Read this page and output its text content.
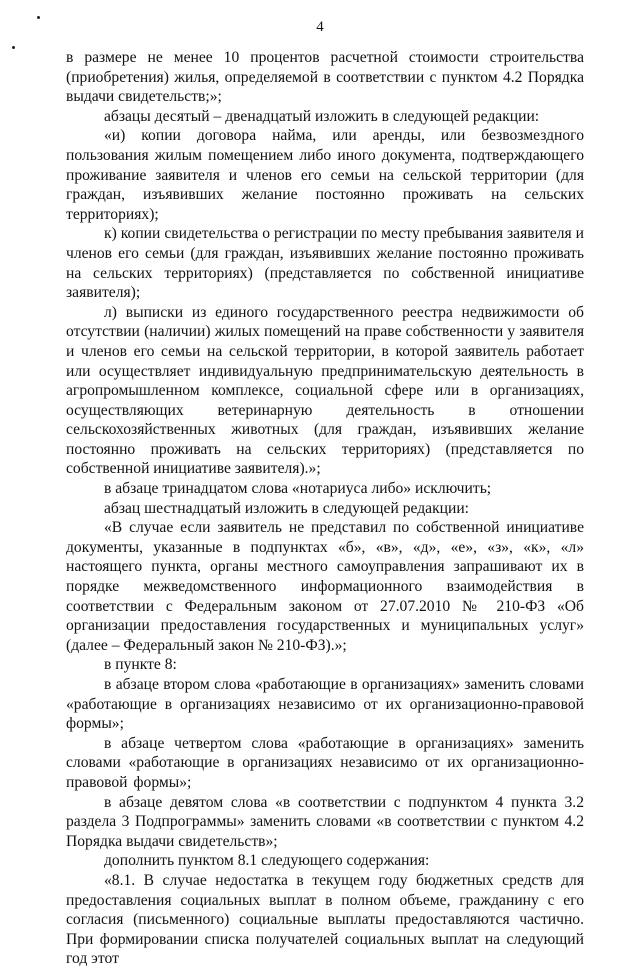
4

в размере не менее 10 процентов расчетной стоимости строительства (приобретения) жилья, определяемой в соответствии с пунктом 4.2 Порядка выдачи свидетельств;»;

абзацы десятый – двенадцатый изложить в следующей редакции:

«и) копии договора найма, или аренды, или безвозмездного пользования жилым помещением либо иного документа, подтверждающего проживание заявителя и членов его семьи на сельской территории (для граждан, изъявивших желание постоянно проживать на сельских территориях);

к) копии свидетельства о регистрации по месту пребывания заявителя и членов его семьи (для граждан, изъявивших желание постоянно проживать на сельских территориях) (представляется по собственной инициативе заявителя);

л) выписки из единого государственного реестра недвижимости об отсутствии (наличии) жилых помещений на праве собственности у заявителя и членов его семьи на сельской территории, в которой заявитель работает или осуществляет индивидуальную предпринимательскую деятельность в агропромышленном комплексе, социальной сфере или в организациях, осуществляющих ветеринарную деятельность в отношении сельскохозяйственных животных (для граждан, изъявивших желание постоянно проживать на сельских территориях) (представляется по собственной инициативе заявителя).»;

в абзаце тринадцатом слова «нотариуса либо» исключить;

абзац шестнадцатый изложить в следующей редакции:

«В случае если заявитель не представил по собственной инициативе документы, указанные в подпунктах «б», «в», «д», «е», «з», «к», «л» настоящего пункта, органы местного самоуправления запрашивают их в порядке межведомственного информационного взаимодействия в соответствии с Федеральным законом от 27.07.2010 № 210-ФЗ «Об организации предоставления государственных и муниципальных услуг» (далее – Федеральный закон № 210-ФЗ).»;

в пункте 8:

в абзаце втором слова «работающие в организациях» заменить словами «работающие в организациях независимо от их организационно-правовой формы»;

в абзаце четвертом слова «работающие в организациях» заменить словами «работающие в организациях независимо от их организационно-правовой формы»;

в абзаце девятом слова «в соответствии с подпунктом 4 пункта 3.2 раздела 3 Подпрограммы» заменить словами «в соответствии с пунктом 4.2 Порядка выдачи свидетельств»;

дополнить пунктом 8.1 следующего содержания:

«8.1. В случае недостатка в текущем году бюджетных средств для предоставления социальных выплат в полном объеме, гражданину с его согласия (письменного) социальные выплаты предоставляются частично. При формировании списка получателей социальных выплат на следующий год этот
